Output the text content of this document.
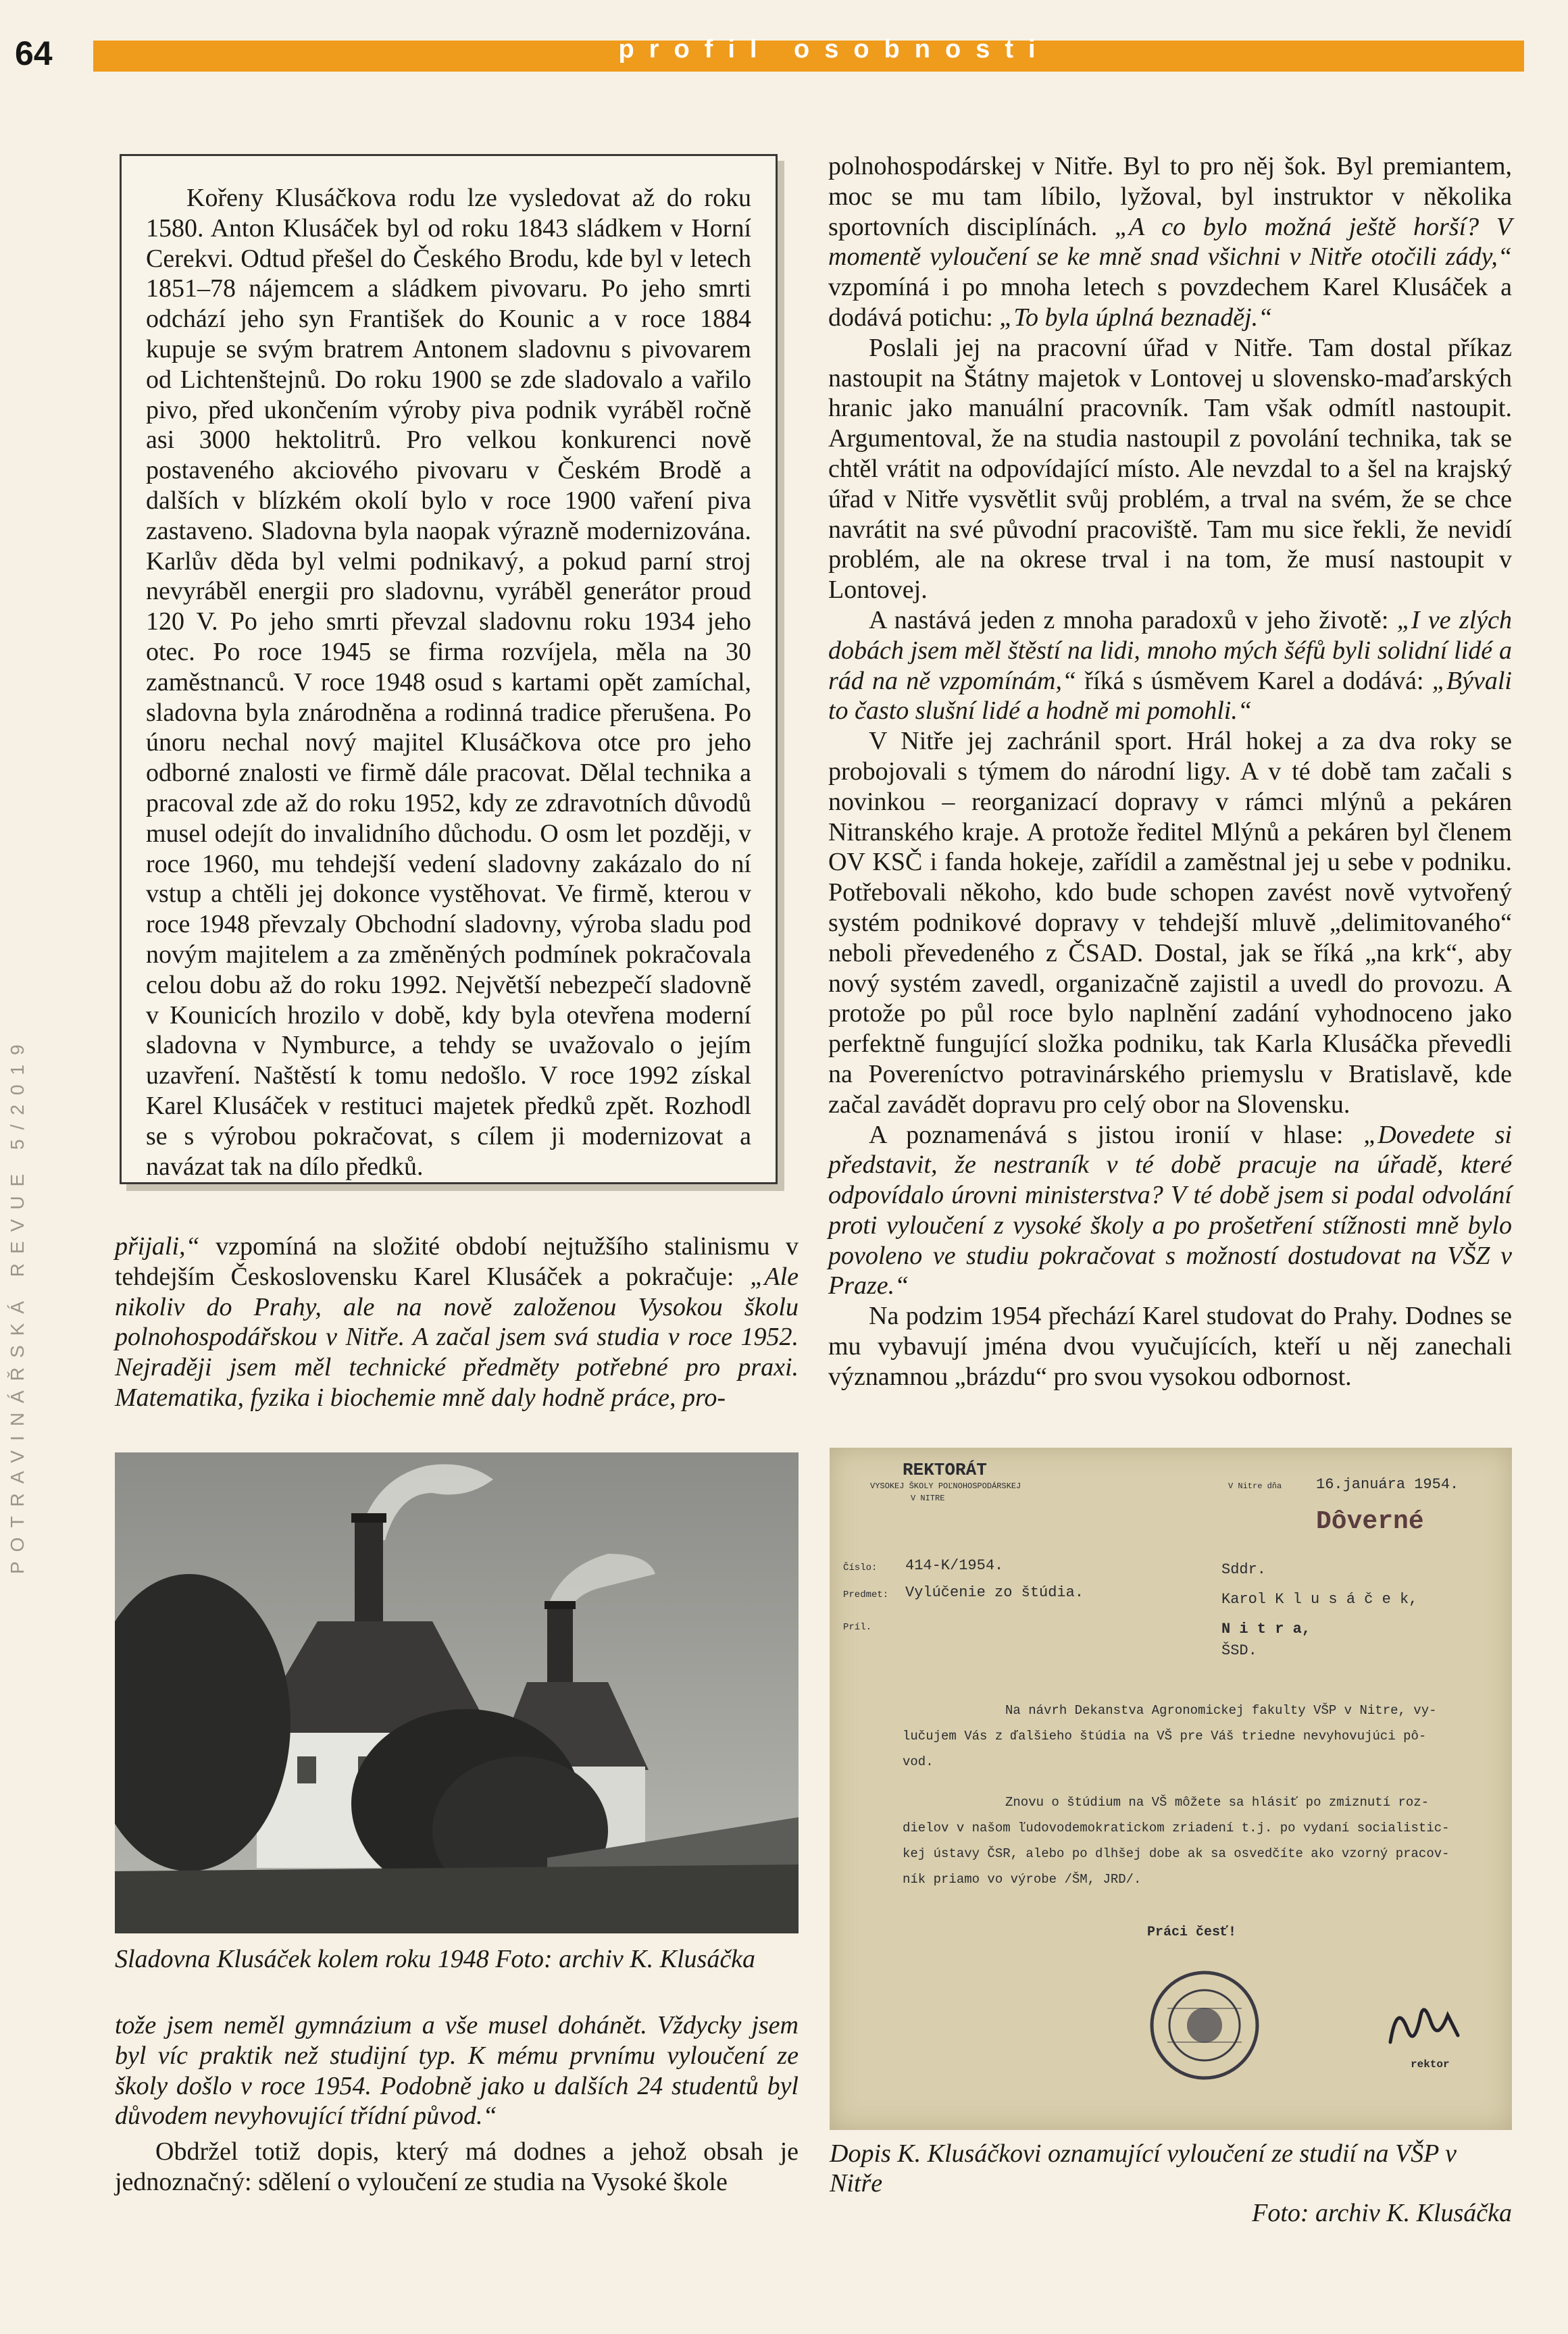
64	profil osobnosti
POTRAVINÁŘSKÁ REVUE 5/2019

Kořeny Klusáčkova rodu lze vysledovat až do roku 1580. Anton Klusáček byl od roku 1843 sládkem v Horní Cerekvi. Odtud přešel do Českého Brodu, kde byl v letech 1851–78 nájemcem a sládkem pivovaru. Po jeho smrti odchází jeho syn František do Kounic a v roce 1884 kupuje se svým bratrem Antonem sladovnu s pivovarem od Lichtenštejnů. Do roku 1900 se zde sladovalo a vařilo pivo, před ukončením výroby piva podnik vyráběl ročně asi 3000 hektolitrů. Pro velkou konkurenci nově postaveného akciového pivovaru v Českém Brodě a dalších v blízkém okolí bylo v roce 1900 vaření piva zastaveno. Sladovna byla naopak výrazně modernizována. Karlův děda byl velmi podnikavý, a pokud parní stroj nevyráběl energii pro sladovnu, vyráběl generátor proud 120 V. Po jeho smrti převzal sladovnu roku 1934 jeho otec. Po roce 1945 se firma rozvíjela, měla na 30 zaměstnanců. V roce 1948 osud s kartami opět zamíchal, sladovna byla znárodněna a rodinná tradice přerušena. Po únoru nechal nový majitel Klusáčkova otce pro jeho odborné znalosti ve firmě dále pracovat. Dělal technika a pracoval zde až do roku 1952, kdy ze zdravotních důvodů musel odejít do invalidního důchodu. O osm let později, v roce 1960, mu tehdejší vedení sladovny zakázalo do ní vstup a chtěli jej dokonce vystěhovat. Ve firmě, kterou v roce 1948 převzaly Obchodní sladovny, výroba sladu pod novým majitelem a za změněných podmínek pokračovala celou dobu až do roku 1992. Největší nebezpečí sladovně v Kounicích hrozilo v době, kdy byla otevřena moderní sladovna v Nymburce, a tehdy se uvažovalo o jejím uzavření. Naštěstí k tomu nedošlo. V roce 1992 získal Karel Klusáček v restituci majetek předků zpět. Rozhodl se s výrobou pokračovat, s cílem ji modernizovat a navázat tak na dílo předků.

přijali,“ vzpomíná na složité období nejtužšího stalinismu v tehdejším Československu Karel Klusáček a pokračuje: „Ale nikoliv do Prahy, ale na nově založenou Vysokou školu polnohospodářskou v Nitře. A začal jsem svá studia v roce 1952. Nejraději jsem měl technické předměty potřebné pro praxi. Matematika, fyzika i biochemie mně daly hodně práce, pro-

Sladovna Klusáček kolem roku 1948 Foto: archiv K. Klusáčka

tože jsem neměl gymnázium a vše musel dohánět. Vždycky jsem byl víc praktik než studijní typ. K mému prvnímu vyloučení ze školy došlo v roce 1954. Podobně jako u dalších 24 studentů byl důvodem nevyhovující třídní původ.“

Obdržel totiž dopis, který má dodnes a jehož obsah je jednoznačný: sdělení o vyloučení ze studia na Vysoké škole

polnohospodárskej v Nitře. Byl to pro něj šok. Byl premiantem, moc se mu tam líbilo, lyžoval, byl instruktor v několika sportovních disciplínách. „A co bylo možná ještě horší? V momentě vyloučení se ke mně snad všichni v Nitře otočili zády,“ vzpomíná i po mnoha letech s povzdechem Karel Klusáček a dodává potichu: „To byla úplná beznaděj.“

Poslali jej na pracovní úřad v Nitře. Tam dostal příkaz nastoupit na Štátny majetok v Lontovej u slovensko-maďarských hranic jako manuální pracovník. Tam však odmítl nastoupit. Argumentoval, že na studia nastoupil z povolání technika, tak se chtěl vrátit na odpovídající místo. Ale nevzdal to a šel na krajský úřad v Nitře vysvětlit svůj problém, a trval na svém, že se chce navrátit na své původní pracoviště. Tam mu sice řekli, že nevidí problém, ale na okrese trval i na tom, že musí nastoupit v Lontovej.

A nastává jeden z mnoha paradoxů v jeho životě: „I ve zlých dobách jsem měl štěstí na lidi, mnoho mých šéfů byli solidní lidé a rád na ně vzpomínám,“ říká s úsměvem Karel a dodává: „Bývali to často slušní lidé a hodně mi pomohli.“

V Nitře jej zachránil sport. Hrál hokej a za dva roky se probojovali s týmem do národní ligy. A v té době tam začali s novinkou – reorganizací dopravy v rámci mlýnů a pekáren Nitranského kraje. A protože ředitel Mlýnů a pekáren byl členem OV KSČ i fanda hokeje, zařídil a zaměstnal jej u sebe v podniku. Potřebovali někoho, kdo bude schopen zavést nově vytvořený systém podnikové dopravy v tehdejší mluvě „delimitovaného“ neboli převedeného z ČSAD. Dostal, jak se říká „na krk“, aby nový systém zavedl, organizačně zajistil a uvedl do provozu. A protože po půl roce bylo naplnění zadání vyhodnoceno jako perfektně fungující složka podniku, tak Karla Klusáčka převedli na Povereníctvo potravinárského priemyslu v Bratislavě, kde začal zavádět dopravu pro celý obor na Slovensku.

A poznamenává s jistou ironií v hlase: „Dovedete si představit, že nestraník v té době pracuje na úřadě, které odpovídalo úrovni ministerstva? V té době jsem si podal odvolání proti vyloučení z vysoké školy a po prošetření stížnosti mně bylo povoleno ve studiu pokračovat s možností dostudovat na VŠZ v Praze.“

Na podzim 1954 přechází Karel studovat do Prahy. Dodnes se mu vybavují jména dvou vyučujících, kteří u něj zanechali významnou „brázdu“ pro svou vysokou odbornost.

REKTORÁT
VYSOKEJ ŠKOLY POĽNOHOSPODÁRSKEJ
V NITRE
V Nitre dňa 16.januára 1954.
Dôverné
Číslo: 414-K/1954.
Predmet: Vylúčenie zo štúdia.
Príl.
Sddr.
Karol K l u s á č e k,
N i t r a,
ŠSD.
Na návrh Dekanstva Agronomickej fakulty VŠP v Nitre, vy-
lučujem Vás z ďalšieho štúdia na VŠ pre Váš triedne nevyhovujúci pô-
vod.
Znovu o štúdium na VŠ môžete sa hlásiť po zmiznutí roz-
dielov v našom ľudovodemokratickom zriadení t.j. po vydaní socialistic-
kej ústavy ČSR, alebo po dlhšej dobe ak sa osvedčíte ako vzorný pracov-
ník priamo vo výrobe /ŠM, JRD/.
Práci česť!
rektor
Dopis K. Klusáčkovi oznamující vyloučení ze studií na VŠP v Nitře
Foto: archiv K. Klusáčka
